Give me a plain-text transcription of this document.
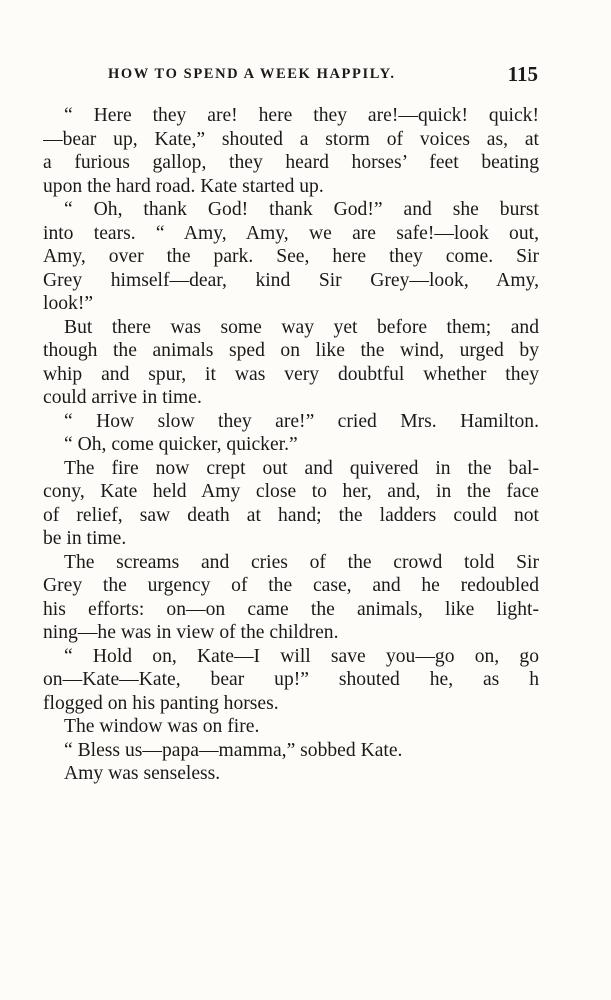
HOW TO SPEND A WEEK HAPPILY.	115
“ Here they are! here they are!—quick! quick!
—bear up, Kate,” shouted a storm of voices as, at
a furious gallop, they heard horses’ feet beating
upon the hard road. Kate started up.
“ Oh, thank God! thank God!” and she burst
into tears. “ Amy, Amy, we are safe!—look out,
Amy, over the park. See, here they come. Sir
Grey himself—dear, kind Sir Grey—look, Amy,
look!”
But there was some way yet before them; and
though the animals sped on like the wind, urged by
whip and spur, it was very doubtful whether they
could arrive in time.
“ How slow they are!” cried Mrs. Hamilton.
“ Oh, come quicker, quicker.”
The fire now crept out and quivered in the bal-
cony, Kate held Amy close to her, and, in the face
of relief, saw death at hand; the ladders could not
be in time.
The screams and cries of the crowd told Sir
Grey the urgency of the case, and he redoubled
his efforts: on—on came the animals, like light-
ning—he was in view of the children.
“ Hold on, Kate—I will save you—go on, go
on—Kate—Kate, bear up!” shouted he, as h
flogged on his panting horses.
The window was on fire.
“ Bless us—papa—mamma,” sobbed Kate.
Amy was senseless.
